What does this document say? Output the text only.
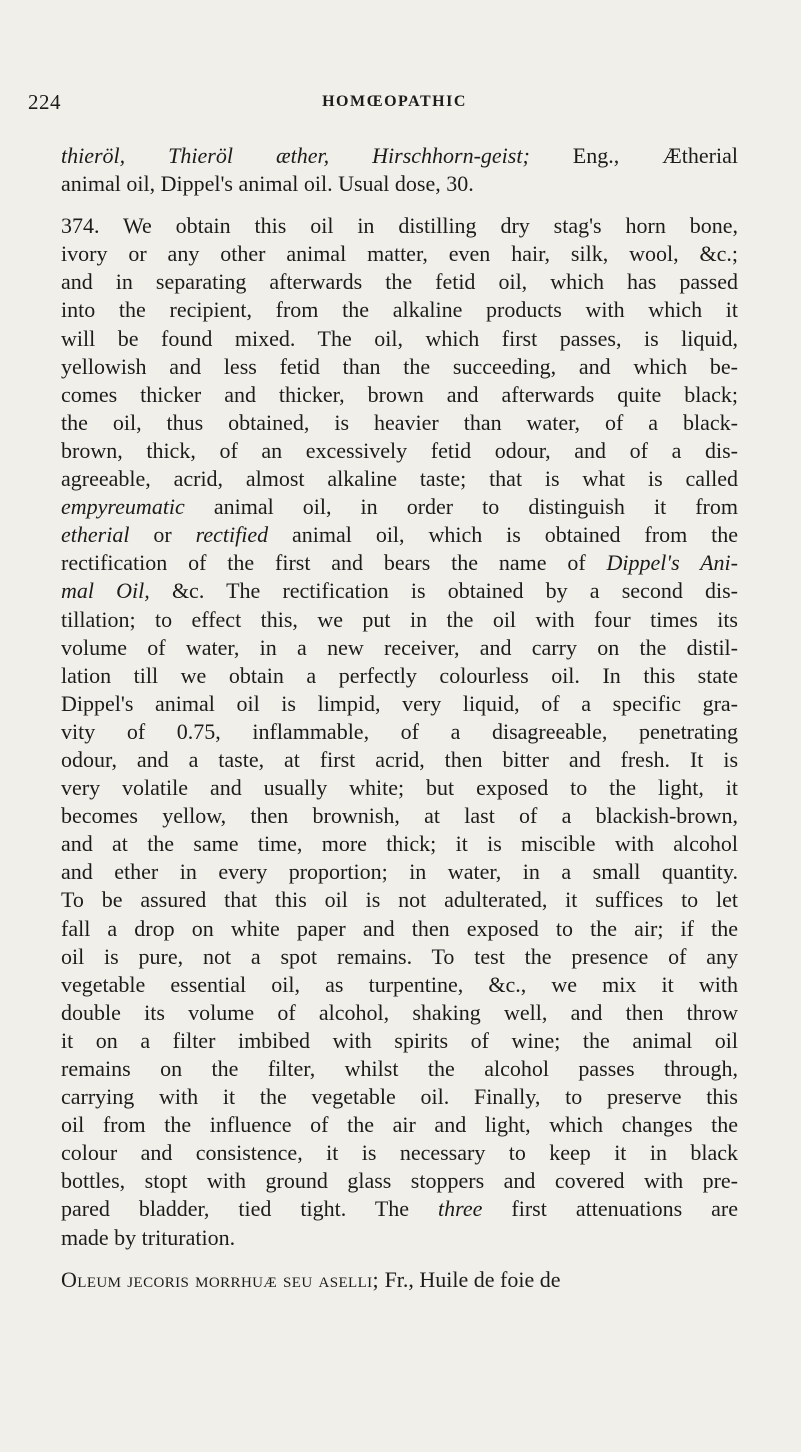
224	HOMŒOPATHIC

thieröl, Thieröl æther, Hirschhorn-geist; Eng., Ætherial
animal oil, Dippel's animal oil. Usual dose, 30.

374. We obtain this oil in distilling dry stag's horn bone,
ivory or any other animal matter, even hair, silk, wool, &c.;
and in separating afterwards the fetid oil, which has passed
into the recipient, from the alkaline products with which it
will be found mixed. The oil, which first passes, is liquid,
yellowish and less fetid than the succeeding, and which be-
comes thicker and thicker, brown and afterwards quite black;
the oil, thus obtained, is heavier than water, of a black-
brown, thick, of an excessively fetid odour, and of a dis-
agreeable, acrid, almost alkaline taste; that is what is called
empyreumatic animal oil, in order to distinguish it from
etherial or rectified animal oil, which is obtained from the
rectification of the first and bears the name of Dippel's Ani-
mal Oil, &c. The rectification is obtained by a second dis-
tillation; to effect this, we put in the oil with four times its
volume of water, in a new receiver, and carry on the distil-
lation till we obtain a perfectly colourless oil. In this state
Dippel's animal oil is limpid, very liquid, of a specific gra-
vity of 0.75, inflammable, of a disagreeable, penetrating
odour, and a taste, at first acrid, then bitter and fresh. It is
very volatile and usually white; but exposed to the light, it
becomes yellow, then brownish, at last of a blackish-brown,
and at the same time, more thick; it is miscible with alcohol
and ether in every proportion; in water, in a small quantity.
To be assured that this oil is not adulterated, it suffices to let
fall a drop on white paper and then exposed to the air; if the
oil is pure, not a spot remains. To test the presence of any
vegetable essential oil, as turpentine, &c., we mix it with
double its volume of alcohol, shaking well, and then throw
it on a filter imbibed with spirits of wine; the animal oil
remains on the filter, whilst the alcohol passes through,
carrying with it the vegetable oil. Finally, to preserve this
oil from the influence of the air and light, which changes the
colour and consistence, it is necessary to keep it in black
bottles, stopt with ground glass stoppers and covered with pre-
pared bladder, tied tight. The three first attenuations are
made by trituration.

Oleum jecoris morrhuæ seu aselli; Fr., Huile de foie de
